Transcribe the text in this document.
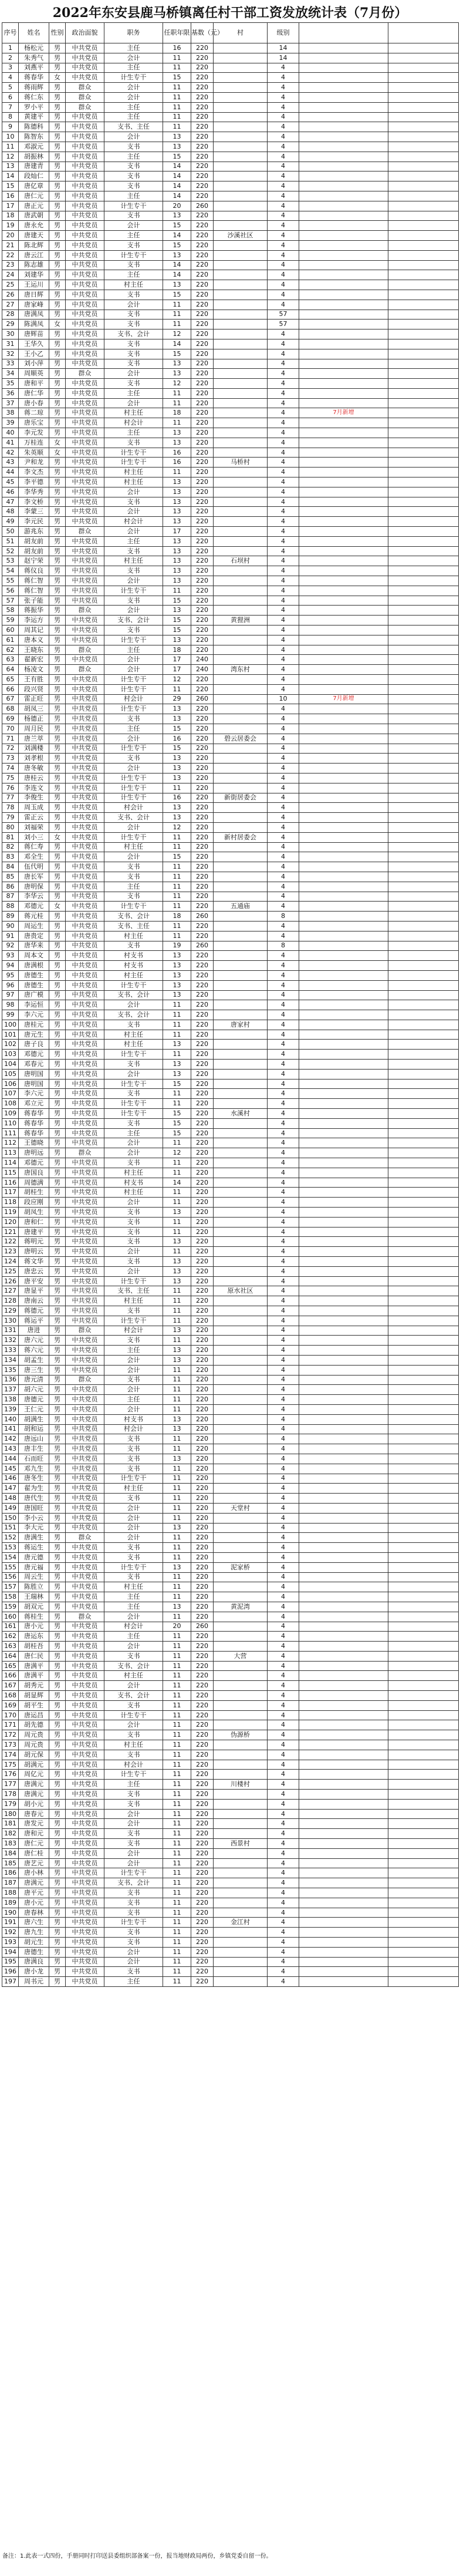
2022年东安县鹿马桥镇离任村干部工资发放统计表（7月份）
序号	姓名	性别	政治面貌	职务	任职年限	基数（元）	村	级别		
1	杨松元	男	中共党员	主任	16	220		14		
2	朱秀气	男	中共党员	会计	11	220		14		
3	刘燕平	男	中共党员	主任	11	220		4		
4	蒋春华	女	中共党员	计生专干	15	220		4		
5	蒋雨辉	男	群众	会计	11	220		4		
6	蒋仁东	男	群众	会计	11	220		4		
7	罗小平	男	群众	主任	11	220		4		
8	黄建平	男	中共党员	主任	11	220		4		
9	陈德科	男	中共党员	支书、主任	11	220		4		
10	陈智东	男	中共党员	会计	13	220		4		
11	邓淑元	男	中共党员	支书	13	220		4		
12	胡振林	男	中共党员	主任	15	220		4		
13	唐建青	男	中共党员	支书	14	220		4		
14	段灿仁	男	中共党员	支书	14	220		4		
15	唐亿章	男	中共党员	支书	14	220		4		
16	唐仁元	男	中共党员	主任	14	220		4		
17	唐正元	男	中共党员	计生专干	20	260		4		
18	唐武朝	男	中共党员	支书	13	220		4		
19	唐永允	男	中共党员	会计	15	220		4		
20	唐建天	男	中共党员	主任	14	220	沙溪社区	4		
21	陈北辉	男	中共党员	支书	15	220		4		
22	唐云江	男	中共党员	计生专干	13	220		4		
23	陈志雄	男	中共党员	支书	14	220		4		
24	刘建华	男	中共党员	主任	14	220		4		
25	王运川	男	中共党员	村主任	13	220		4		
26	唐日辉	男	中共党员	支书	15	220		4		
27	唐家峰	男	中共党员	会计	11	220		4		
28	唐满凤	男	中共党员	支书	11	220		57		
29	陈满凤	女	中共党员	支书	11	220		57		
30	唐辉苗	男	中共党员	支书、会计	12	220		4		
31	王华久	男	中共党员	支书	14	220		4		
32	王小乙	男	中共党员	支书	15	220		4		
33	刘小萍	男	中共党员	支书	13	220		4		
34	周顺英	男	群众	会计	13	220		4		
35	唐和平	男	中共党员	支书	12	220		4		
36	唐仁华	男	中共党员	主任	11	220		4		
37	唐小春	男	中共党员	会计	11	220		4		
38	蒋二琼	男	中共党员	村主任	18	220		4	7月新增	
39	唐乐宝	男	中共党员	村会计	11	220		4		
40	李元发	男	中共党员	主任	13	220		4		
41	万桂连	女	中共党员	支书	13	220		4		
42	朱英顺	女	中共党员	计生专干	16	220		4		
43	尹和龙	男	中共党员	计生专干	16	220	马桥村	4		
44	李文杰	男	中共党员	村主任	11	220		4		
45	李平德	男	中共党员	村主任	13	220		4		
46	李华秀	男	中共党员	会计	13	220		4		
47	李文桥	男	中共党员	支书	13	220		4		
48	李蒙三	男	中共党员	会计	13	220		4		
49	李元民	男	中共党员	村会计	13	220		4		
50	游兆东	男	群众	会计	17	220		4		
51	胡友前	男	中共党员	主任	13	220		4		
52	胡友前	男	中共党员	支书	13	220		4		
53	赵宁荣	男	中共党员	村主任	13	220	石坝村	4		
54	蒋仪良	男	中共党员	支书	13	220		4		
55	蒋仁智	男	中共党员	会计	13	220		4		
56	蒋仁智	男	中共党员	计生专干	11	220		4		
57	张子能	男	中共党员	支书	15	220		4		
58	蒋振华	男	群众	会计	13	220		4		
59	李运方	男	中共党员	支书、会计	15	220	黄狸洲	4		
60	周其记	男	中共党员	支书	15	220		4		
61	唐本义	男	中共党员	计生专干	13	220		4		
62	王晓东	男	群众	主任	18	220		4		
63	翟新宏	男	中共党员	会计	17	240		4		
64	杨凌文	男	群众	会计	17	240	湾东村	4		
65	王有胜	男	中共党员	计生专干	12	220		4		
66	段兴贤	男	中共党员	计生专干	11	220		4		
67	雷正旺	男	中共党员	村会计	29	260		10	7月新增	
68	胡凤三	男	中共党员	计生专干	13	220		4		
69	杨德正	男	中共党员	支书	13	220		4		
70	周月民	男	中共党员	主任	15	220		4		
71	唐兰萃	男	中共党员	会计	16	220	碧云居委会	4		
72	刘满楼	男	中共党员	计生专干	15	220		4		
73	刘孝根	男	中共党员	支书	13	220		4		
74	唐冬敏	男	中共党员	会计	13	220		4		
75	唐桂云	男	中共党员	计生专干	13	220		4		
76	李连文	男	中共党员	计生专干	11	220		4		
77	李俊生	男	中共党员	计生专干	16	220	新街居委会	4		
78	周玉成	男	中共党员	村会计	13	220		4		
79	雷正云	男	中共党员	支书、会计	13	220		4		
80	刘福荣	男	中共党员	会计	12	220		4		
81	刘小三	女	中共党员	计生专干	11	220	新村居委会	4		
82	蒋仁寿	男	中共党员	村主任	11	220		4		
83	邓全生	男	中共党员	会计	15	220		4		
84	伍代明	男	中共党员	支书	11	220		4		
85	唐长军	男	中共党员	支书	11	220		4		
86	唐明保	男	中共党员	主任	11	220		4		
87	李华云	男	中共党员	支书	11	220		4		
88	邓德元	女	中共党员	计生专干	11	220	五通庙	4		
89	蒋元桂	男	中共党员	支书、会计	18	260		8		
90	周运生	男	中共党员	支书、主任	11	220		4		
91	唐贵定	男	中共党员	村主任	11	220		4		
92	唐华来	男	中共党员	支书	19	260		8		
93	周本文	男	中共党员	村支书	13	220		4		
94	唐满根	男	中共党员	村支书	13	220		4		
95	唐德生	男	中共党员	村主任	13	220		4		
96	唐德生	男	中共党员	计生专干	13	220		4		
97	唐广模	男	中共党员	支书、会计	13	220		4		
98	李运恒	男	中共党员	会计	11	220		4		
99	李六元	男	中共党员	支书、会计	11	220		4		
100	唐桂元	男	中共党员	支书	11	220	唐家村	4		
101	唐元生	男	中共党员	村主任	11	220		4		
102	唐子良	男	中共党员	村主任	13	220		4		
103	邓德元	男	中共党员	计生专干	11	220		4		
104	邓春元	男	中共党员	支书	13	220		4		
105	唐明国	男	中共党员	会计	13	220		4		
106	唐明国	男	中共党员	计生专干	15	220		4		
107	李六元	男	中共党员	支书	11	220		4		
108	邓立元	男	中共党员	计生专干	11	220		4		
109	蒋春华	男	中共党员	计生专干	15	220	水溪村	4		
110	蒋春华	男	中共党员	支书	15	220		4		
111	蒋春华	男	中共党员	主任	15	220		4		
112	王德晓	男	中共党员	会计	11	220		4		
113	唐明远	男	群众	会计	12	220		4		
114	邓德元	男	中共党员	支书	11	220		4		
115	唐国良	男	中共党员	村主任	11	220		4		
116	周德满	男	中共党员	村支书	14	220		4		
117	胡桂生	男	中共党员	村主任	11	220		4		
118	段应刚	男	中共党员	会计	11	220		4		
119	胡凤生	男	中共党员	支书	13	220		4		
120	唐和仁	男	中共党员	支书	11	220		4		
121	唐建平	男	中共党员	支书	11	220		4		
122	蒋明元	男	中共党员	支书	13	220		4		
123	唐明云	男	中共党员	会计	11	220		4		
124	蒋文华	男	中共党员	支书	13	220		4		
125	唐忠云	男	中共党员	会计	13	220		4		
126	唐平安	男	中共党员	计生专干	13	220		4		
127	唐显平	男	中共党员	支书、主任	11	220	原水社区	4		
128	唐南云	男	中共党员	村主任	11	220		4		
129	蒋德元	男	中共党员	支书	11	220		4		
130	蒋运平	男	中共党员	计生专干	11	220		4		
131	唐进	男	群众	村会计	13	220		4		
132	唐六元	男	中共党员	支书	11	220		4		
133	蒋六元	男	中共党员	主任	13	220		4		
134	胡孟生	男	中共党员	会计	13	220		4		
135	唐三生	男	中共党员	会计	11	220		4		
136	唐元清	男	群众	支书	11	220		4		
137	胡六元	男	中共党员	会计	11	220		4		
138	唐德元	男	中共党员	主任	11	220		4		
139	王仁元	男	中共党员	会计	11	220		4		
140	胡满生	男	中共党员	村支书	13	220		4		
141	胡和运	男	中共党员	村会计	13	220		4		
142	唐远山	男	中共党员	支书	11	220		4		
143	唐丰生	男	中共党员	支书	11	220		4		
144	石而旺	男	中共党员	支书	13	220		4		
145	邓九生	男	中共党员	支书	11	220		4		
146	唐冬生	男	中共党员	计生专干	11	220		4		
147	翟为生	男	中共党员	村主任	11	220		4		
148	唐代生	男	中共党员	支书	11	220		4		
149	唐国旺	男	中共党员	会计	11	220	天堂村	4		
150	李小云	男	中共党员	会计	11	220		4		
151	李大元	男	中共党员	会计	13	220		4		
152	唐满生	男	群众	会计	11	220		4		
153	蒋运生	男	中共党员	支书	11	220		4		
154	唐元德	男	中共党员	支书	11	220		4		
155	唐元福	男	中共党员	计生专干	13	220	泥家桥	4		
156	周云生	男	中共党员	支书	11	220		4		
157	陈胜立	男	中共党员	村主任	11	220		4		
158	王瑞林	男	中共党员	主任	11	220		4		
159	胡双元	男	中共党员	主任	13	220	黄泥湾	4		
160	蒋桂生	男	群众	会计	11	220		4		
161	唐小元	男	中共党员	村会计	20	260		4		
162	唐运东	男	中共党员	主任	11	220		4		
163	胡桂吾	男	中共党员	会计	11	220		4		
164	唐仁民	男	中共党员	支书	11	220	大营	4		
165	唐满平	男	中共党员	支书、会计	11	220		4		
166	唐满平	男	中共党员	村主任	11	220		4		
167	胡秀元	男	中共党员	会计	11	220		4		
168	胡显辉	男	中共党员	支书、会计	11	220		4		
169	胡平生	男	中共党员	支书	11	220		4		
170	唐运昌	男	中共党员	计生专干	11	220		4		
171	胡先德	男	中共党员	会计	11	220		4		
172	周元贵	男	中共党员	支书	11	220	伪源桥	4		
173	周元贵	男	中共党员	村主任	11	220		4		
174	胡元保	男	中共党员	支书	11	220		4		
175	胡满元	男	中共党员	村会计	11	220		4		
176	周亿元	男	中共党员	计生专干	11	220		4		
177	唐满元	男	中共党员	主任	11	220	川楼村	4		
178	唐满元	男	中共党员	支书	11	220		4		
179	胡小元	男	中共党员	支书	11	220		4		
180	唐春元	男	中共党员	会计	11	220		4		
181	唐发元	男	中共党员	会计	11	220		4		
182	唐和元	男	中共党员	支书	11	220		4		
183	唐仁元	男	中共党员	支书	11	220	西景村	4		
184	唐仁桂	男	中共党员	会计	11	220		4		
185	唐艺元	男	中共党员	会计	11	220		4		
186	唐小林	男	中共党员	计生专干	11	220		4		
187	唐满元	男	中共党员	支书、会计	11	220		4		
188	唐平元	男	中共党员	支书	11	220		4		
189	唐小元	男	中共党员	支书	11	220		4		
190	唐春林	男	中共党员	支书	11	220		4		
191	唐六生	男	中共党员	计生专干	11	220	金江村	4		
192	唐九生	男	中共党员	支书	11	220		4		
193	胡元生	男	中共党员	支书	11	220		4		
194	唐德生	男	中共党员	会计	11	220		4		
195	唐满良	男	中共党员	会计	11	220		4		
196	唐小龙	男	中共党员	支书	11	220		4		
197	周书元	男	中共党员	主任	11	220		4		
备注：1.此表一式四份，手册同时打印送县委组织部备案一份，报当地财政局两份，乡镇党委自留一份。
